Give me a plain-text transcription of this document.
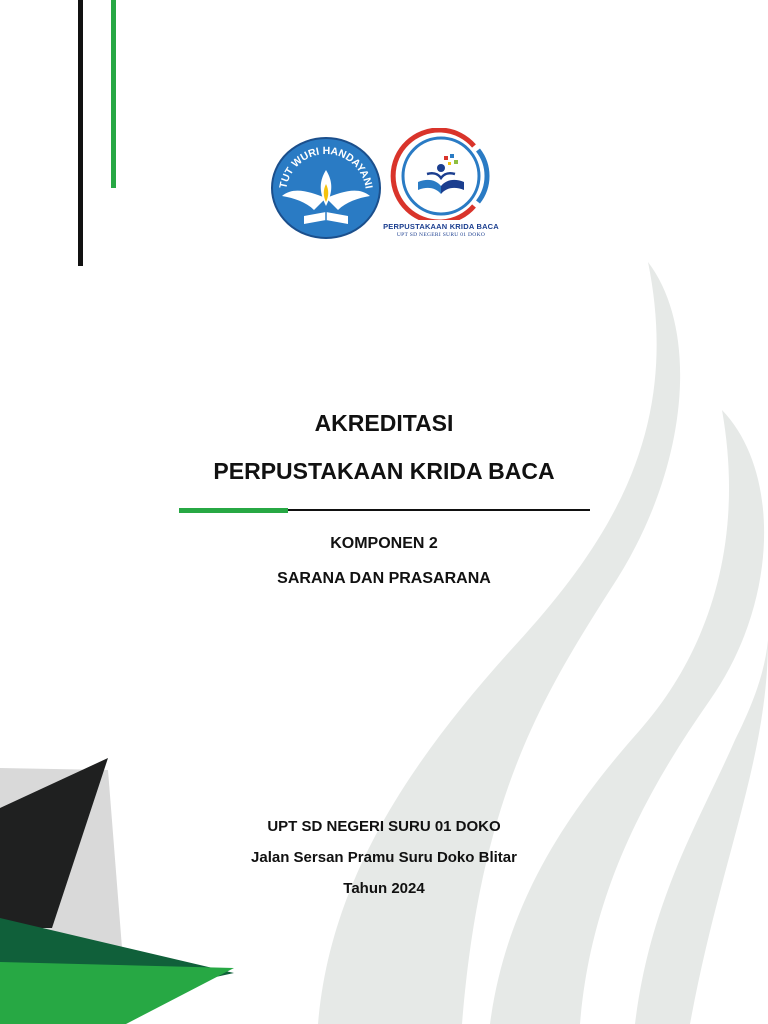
TUT WURI HANDAYANI
PERPUSTAKAAN KRIDA BACA
UPT SD NEGERI SURU 01 DOKO
AKREDITASI
PERPUSTAKAAN KRIDA BACA
KOMPONEN 2
SARANA DAN PRASARANA
UPT SD NEGERI SURU 01 DOKO
Jalan Sersan Pramu Suru Doko Blitar
Tahun 2024
